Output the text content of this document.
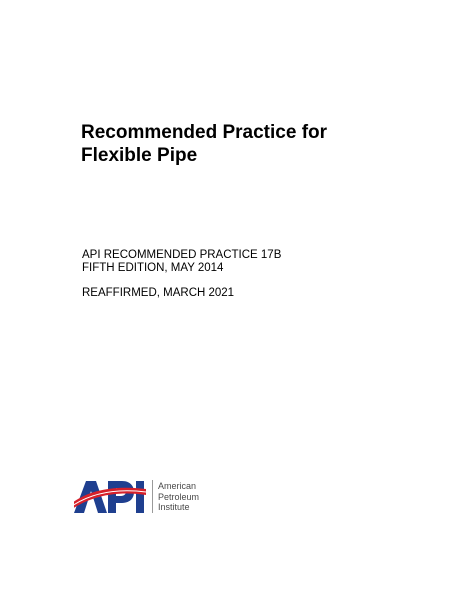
Recommended Practice for
Flexible Pipe
API RECOMMENDED PRACTICE 17B
FIFTH EDITION, MAY 2014
REAFFIRMED, MARCH 2021
American
Petroleum
Institute
